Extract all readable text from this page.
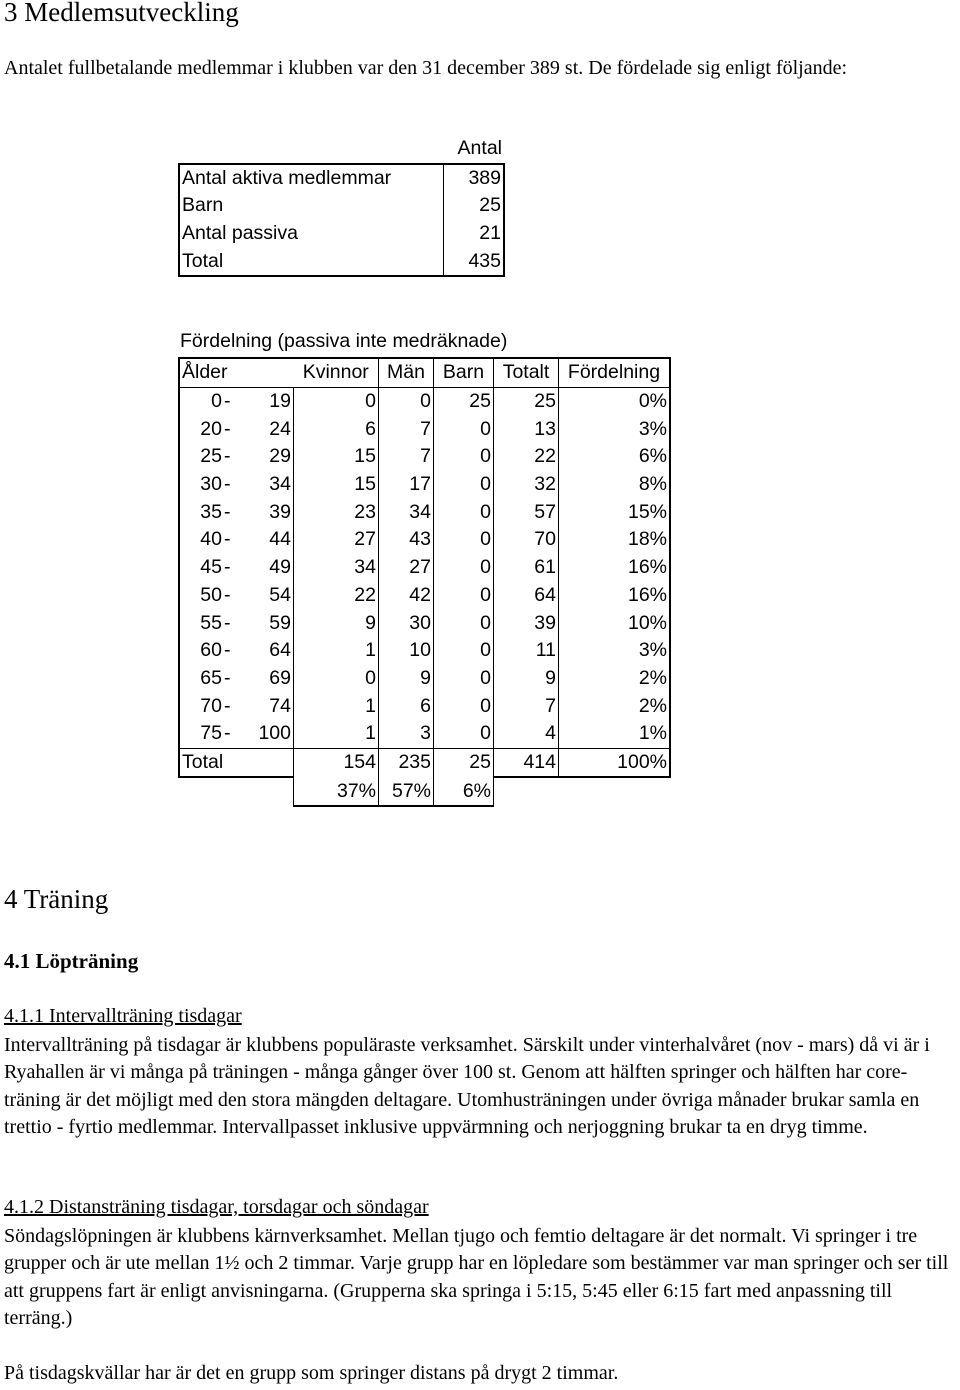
3 Medlemsutveckling

Antalet fullbetalande medlemmar i klubben var den 31 december 389 st. De fördelade sig enligt följande:

	Antal
Antal aktiva medlemmar	389
Barn	25
Antal passiva	21
Total	435
Fördelning (passiva inte medräknade)
Ålder			Kvinnor	Män	Barn	Totalt	Fördelning
0	-	19	0	0	25	25	0%
20	-	24	6	7	0	13	3%
25	-	29	15	7	0	22	6%
30	-	34	15	17	0	32	8%
35	-	39	23	34	0	57	15%
40	-	44	27	43	0	70	18%
45	-	49	34	27	0	61	16%
50	-	54	22	42	0	64	16%
55	-	59	9	30	0	39	10%
60	-	64	1	10	0	11	3%
65	-	69	0	9	0	9	2%
70	-	74	1	6	0	7	2%
75	-	100	1	3	0	4	1%
Total			154	235	25	414	100%
			37%	57%	6%		
4 Träning
4.1 Löpträning
4.1.1 Intervallträning tisdagar

Intervallträning på tisdagar är klubbens populäraste verksamhet. Särskilt under vinterhalvåret (nov - mars) då vi är i Ryahallen är vi många på träningen - många gånger över 100 st. Genom att hälften springer och hälften har core-träning är det möjligt med den stora mängden deltagare. Utomhusträningen under övriga månader brukar samla en trettio - fyrtio medlemmar. Intervallpasset inklusive uppvärmning och nerjoggning brukar ta en dryg timme.

4.1.2 Distansträning tisdagar, torsdagar och söndagar

Söndagslöpningen är klubbens kärnverksamhet. Mellan tjugo och femtio deltagare är det normalt. Vi springer i tre grupper och är ute mellan 1½ och 2 timmar. Varje grupp har en löpledare som bestämmer var man springer och ser till att gruppens fart är enligt anvisningarna. (Grupperna ska springa i 5:15, 5:45 eller 6:15 fart med anpassning till terräng.)

På tisdagskvällar har är det en grupp som springer distans på drygt 2 timmar.
